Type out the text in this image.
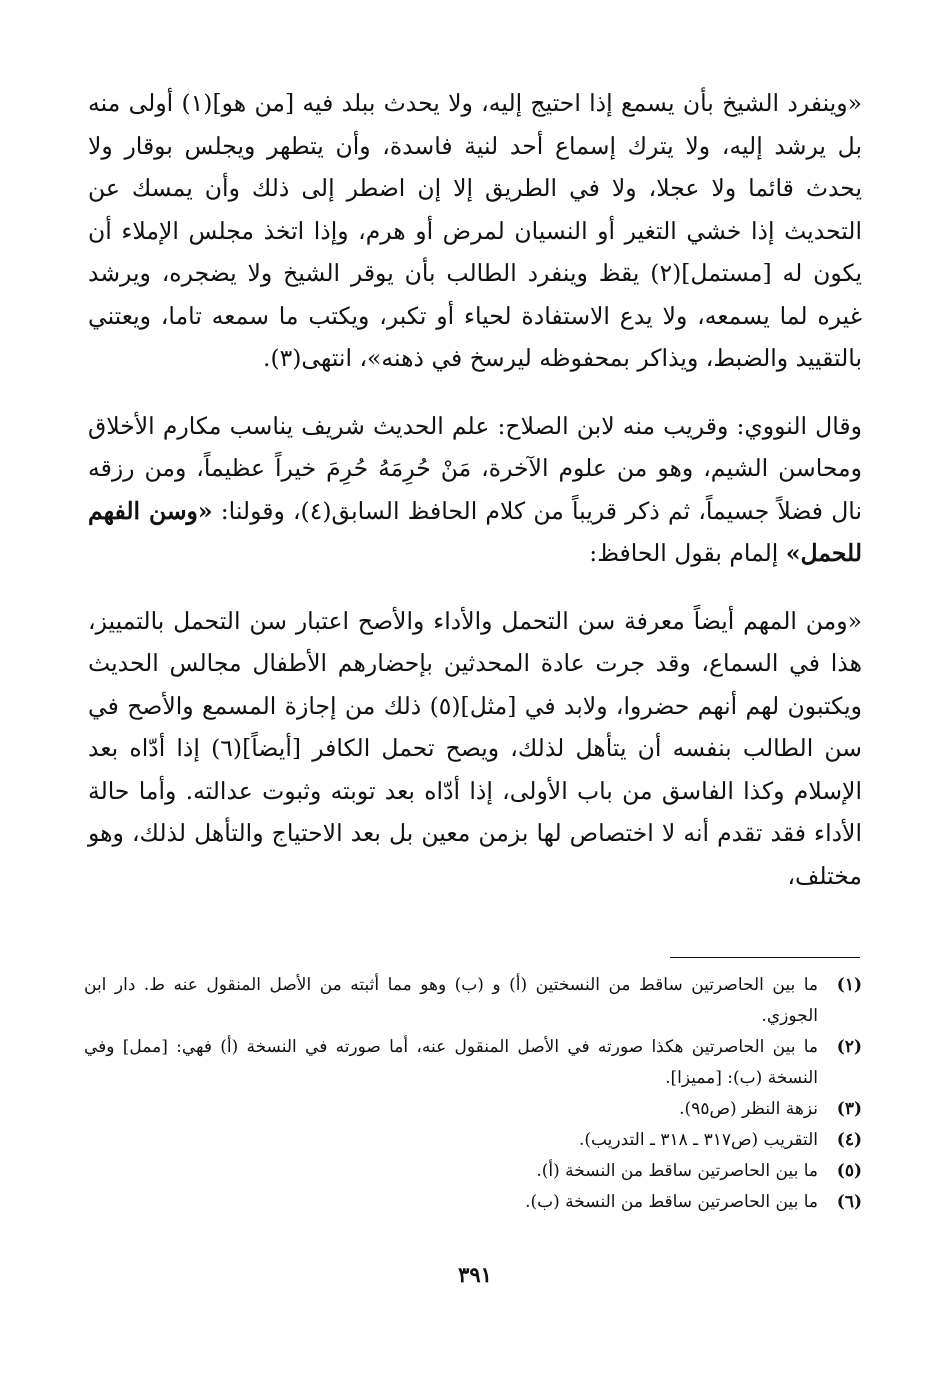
«وينفرد الشيخ بأن يسمع إذا احتيج إليه، ولا يحدث ببلد فيه [من هو](١) أولى منه بل يرشد إليه، ولا يترك إسماع أحد لنية فاسدة، وأن يتطهر ويجلس بوقار ولا يحدث قائما ولا عجلا، ولا في الطريق إلا إن اضطر إلى ذلك وأن يمسك عن التحديث إذا خشي التغير أو النسيان لمرض أو هرم، وإذا اتخذ مجلس الإملاء أن يكون له [مستمل](٢) يقظ وينفرد الطالب بأن يوقر الشيخ ولا يضجره، ويرشد غيره لما يسمعه، ولا يدع الاستفادة لحياء أو تكبر، ويكتب ما سمعه تاما، ويعتني بالتقييد والضبط، ويذاكر بمحفوظه ليرسخ في ذهنه»، انتهى(٣).

وقال النووي: وقريب منه لابن الصلاح: علم الحديث شريف يناسب مكارم الأخلاق ومحاسن الشيم، وهو من علوم الآخرة، مَنْ حُرِمَهُ حُرِمَ خيراً عظيماً، ومن رزقه نال فضلاً جسيماً، ثم ذكر قريباً من كلام الحافظ السابق(٤)، وقولنا: «وسن الفهم للحمل» إلمام بقول الحافظ:

«ومن المهم أيضاً معرفة سن التحمل والأداء والأصح اعتبار سن التحمل بالتمييز، هذا في السماع، وقد جرت عادة المحدثين بإحضارهم الأطفال مجالس الحديث ويكتبون لهم أنهم حضروا، ولابد في [مثل](٥) ذلك من إجازة المسمع والأصح في سن الطالب بنفسه أن يتأهل لذلك، ويصح تحمل الكافر [أيضاً](٦) إذا أدّاه بعد الإسلام وكذا الفاسق من باب الأولى، إذا أدّاه بعد توبته وثبوت عدالته. وأما حالة الأداء فقد تقدم أنه لا اختصاص لها بزمن معين بل بعد الاحتياج والتأهل لذلك، وهو مختلف،

(١)
ما بين الحاصرتين ساقط من النسختين (أ) و (ب) وهو مما أثبته من الأصل المنقول عنه ط. دار ابن الجوزي.
(٢)
ما بين الحاصرتين هكذا صورته في الأصل المنقول عنه، أما صورته في النسخة (أ) فهي: [ممل] وفي النسخة (ب): [مميزا].
(٣)
نزهة النظر (ص٩٥).
(٤)
التقريب (ص٣١٧ ـ ٣١٨ ـ التدريب).
(٥)
ما بين الحاصرتين ساقط من النسخة (أ).
(٦)
ما بين الحاصرتين ساقط من النسخة (ب).
٣٩١
